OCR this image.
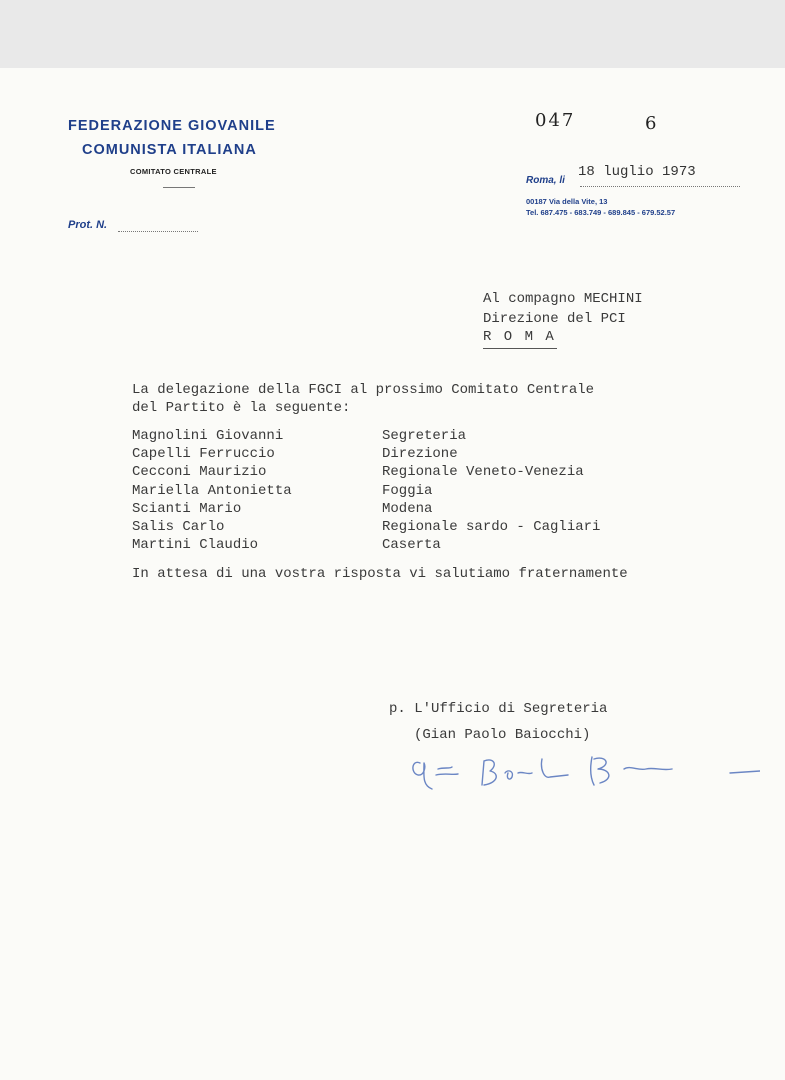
FEDERAZIONE GIOVANILE
COMUNISTA ITALIANA
COMITATO CENTRALE
Prot. N.
047	6
Roma, li
18 luglio 1973
00187 Via della Vite, 13
Tel. 687.475 - 683.749 - 689.845 - 679.52.57
Al compagno MECHINI
Direzione del PCI
R O M A
La delegazione della FGCI al prossimo Comitato Centrale
del Partito è la seguente:
Magnolini Giovanni	Segreteria
Capelli Ferruccio	Direzione
Cecconi Maurizio	Regionale Veneto-Venezia
Mariella Antonietta	Foggia
Scianti Mario	Modena
Salis Carlo	Regionale sardo - Cagliari
Martini Claudio	Caserta
In attesa di una vostra risposta vi salutiamo fraternamente
p. L'Ufficio di Segreteria
(Gian Paolo Baiocchi)
